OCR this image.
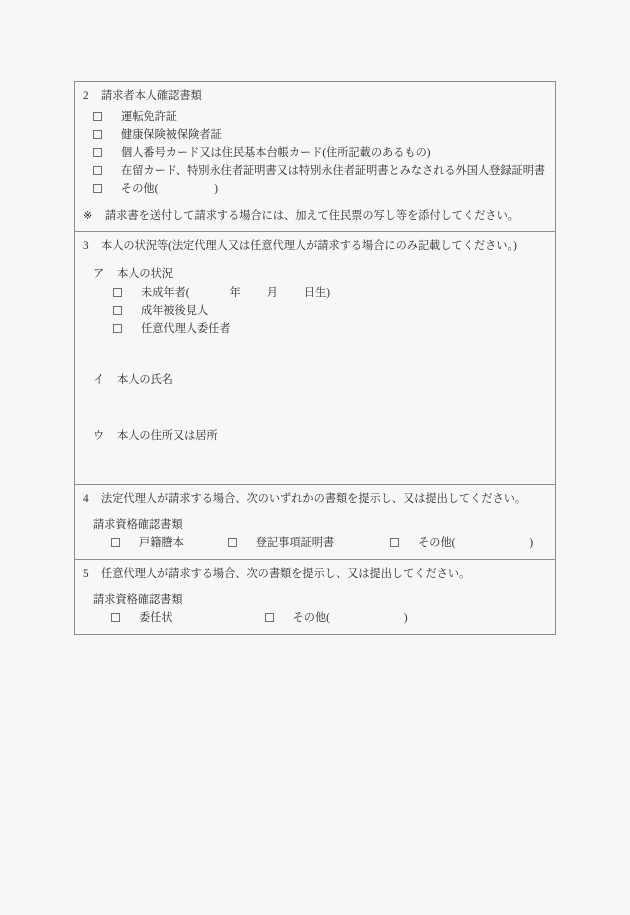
2	請求者本人確認書類
運転免許証
健康保険被保険者証
個人番号カード又は住民基本台帳カード(住所記載のあるもの)
在留カード、特別永住者証明書又は特別永住者証明書とみなされる外国人登録証明書
その他(	)
※	請求書を送付して請求する場合には、加えて住民票の写し等を添付してください。
3	本人の状況等(法定代理人又は任意代理人が請求する場合にのみ記載してください。)
ア	本人の状況
未成年者(	年 月 日生)
成年被後見人
任意代理人委任者
イ	本人の氏名
ウ	本人の住所又は居所
4	法定代理人が請求する場合、次のいずれかの書類を提示し、又は提出してください。
請求資格確認書類
戸籍謄本	登記事項証明書	その他(	)
5	任意代理人が請求する場合、次の書類を提示し、又は提出してください。
請求資格確認書類
委任状	その他(	)
